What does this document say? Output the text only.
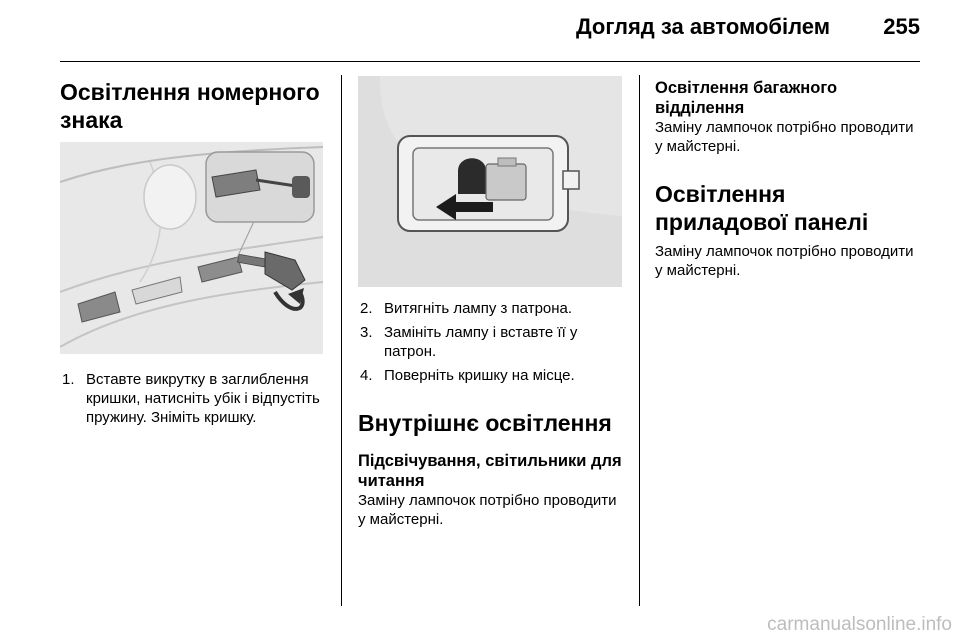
Догляд за автомобілем 255
Освітлення номерного знака
1. Вставте викрутку в заглиблення кришки, натисніть убік і відпустіть пружину. Зніміть кришку.
2. Витягніть лампу з патрона.
3. Замініть лампу і вставте її у патрон.
4. Поверніть кришку на місце.
Внутрішнє освітлення
Підсвічування, світильники для читання

Заміну лампочок потрібно проводити у майстерні.

Освітлення багажного відділення

Заміну лампочок потрібно проводити у майстерні.

Освітлення приладової панелі

Заміну лампочок потрібно проводити у майстерні.

carmanualsonline.info
